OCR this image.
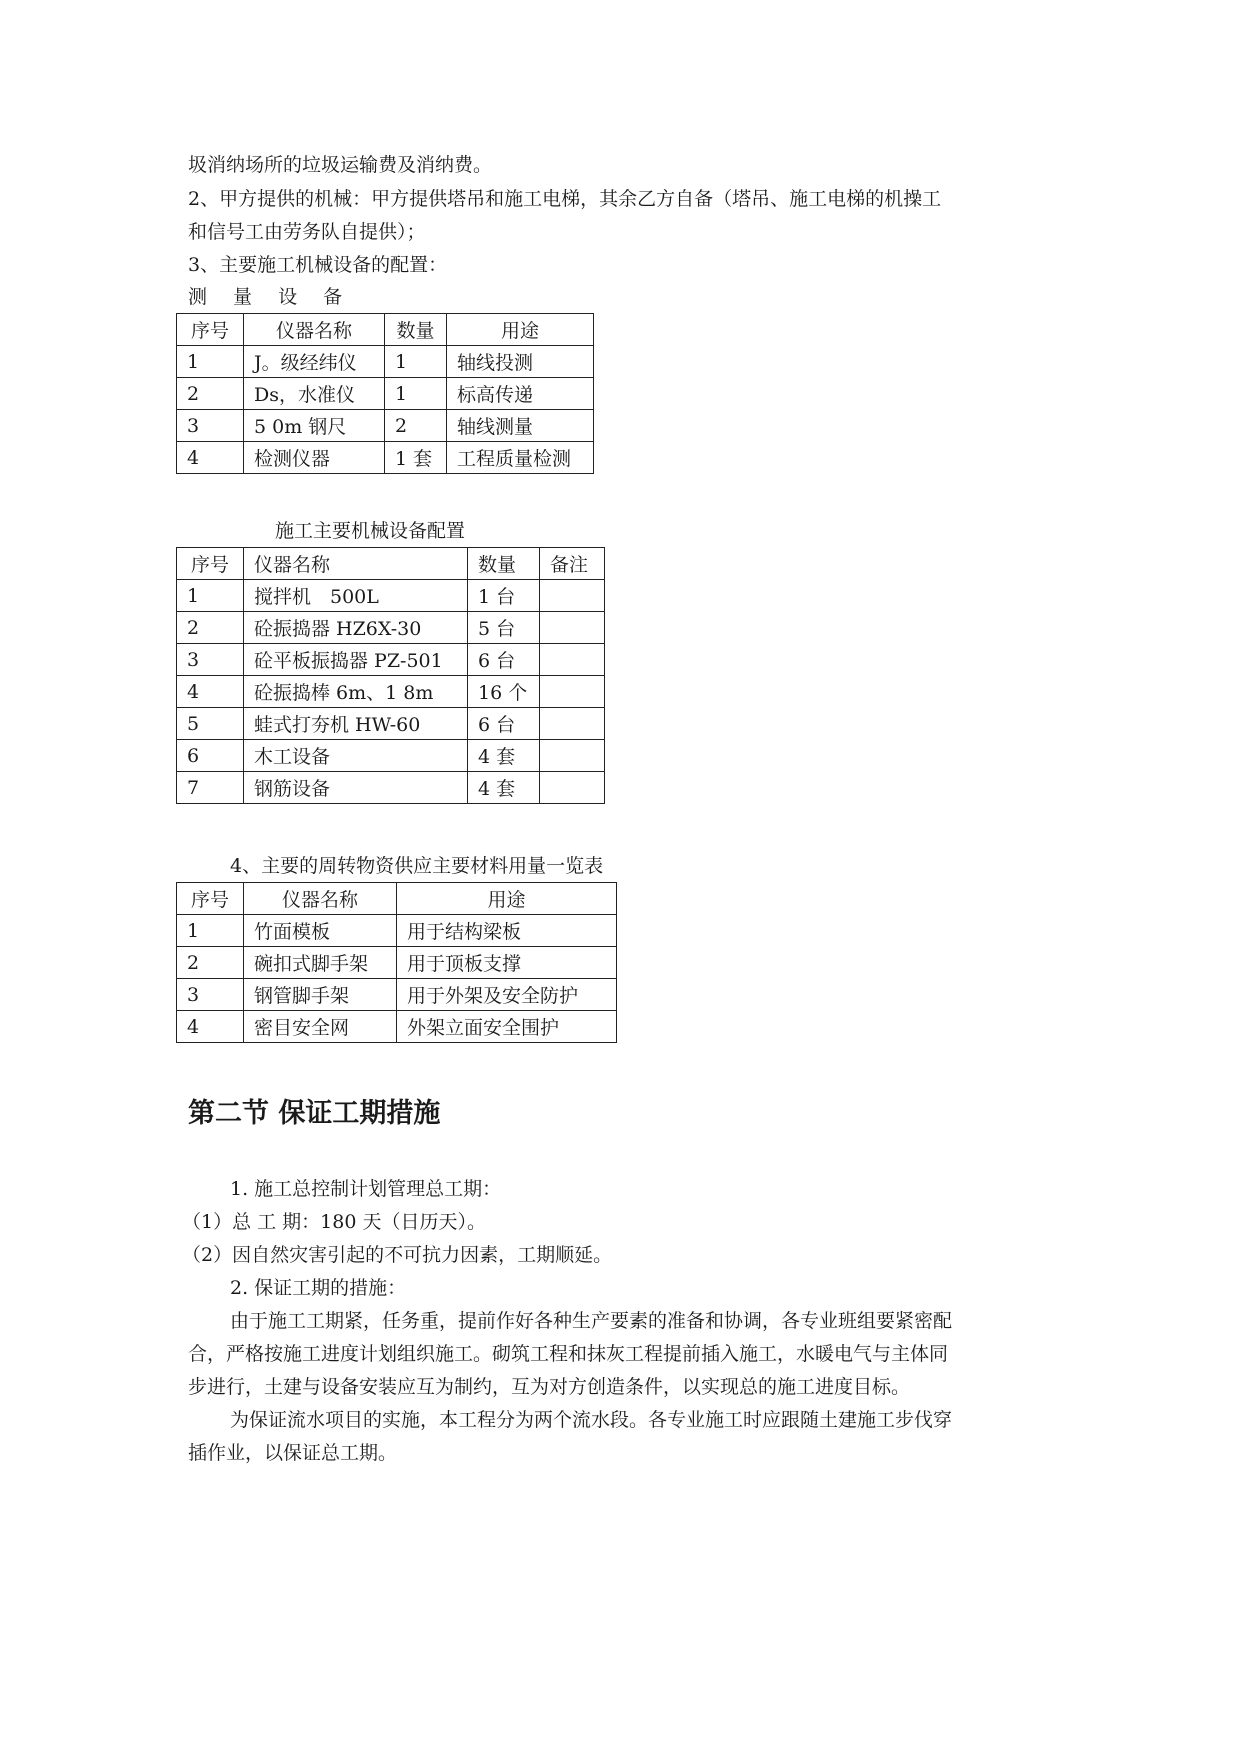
圾消纳场所的垃圾运输费及消纳费。
2、甲方提供的机械：甲方提供塔吊和施工电梯，其余乙方自备（塔吊、施工电梯的机操工
和信号工由劳务队自提供）；
3、主要施工机械设备的配置：
测 量 设 备
序号	仪器名称	数量	用途
1	J。级经纬仪	1	轴线投测
2	Ds，水准仪	1	标高传递
3	5 0m 钢尺	2	轴线测量
4	检测仪器	1 套	工程质量检测
施工主要机械设备配置
序号	仪器名称	数量	备注
1	搅拌机　500L	1 台	
2	砼振捣器 HZ6X-30	5 台	
3	砼平板振捣器 PZ-501	6 台	
4	砼振捣棒 6m、1 8m	16 个	
5	蛙式打夯机 HW-60	6 台	
6	木工设备	4 套	
7	钢筋设备	4 套	
4、主要的周转物资供应主要材料用量一览表
序号	仪器名称	用途
1	竹面模板	用于结构梁板
2	碗扣式脚手架	用于顶板支撑
3	钢管脚手架	用于外架及安全防护
4	密目安全网	外架立面安全围护
第二节 保证工期措施
1. 施工总控制计划管理总工期：
（1）总 工 期：180 天（日历天）。
（2）因自然灾害引起的不可抗力因素，工期顺延。
2. 保证工期的措施：
由于施工工期紧，任务重，提前作好各种生产要素的准备和协调，各专业班组要紧密配
合，严格按施工进度计划组织施工。砌筑工程和抹灰工程提前插入施工，水暖电气与主体同
步进行，土建与设备安装应互为制约，互为对方创造条件，以实现总的施工进度目标。
为保证流水项目的实施，本工程分为两个流水段。各专业施工时应跟随土建施工步伐穿
插作业，以保证总工期。
